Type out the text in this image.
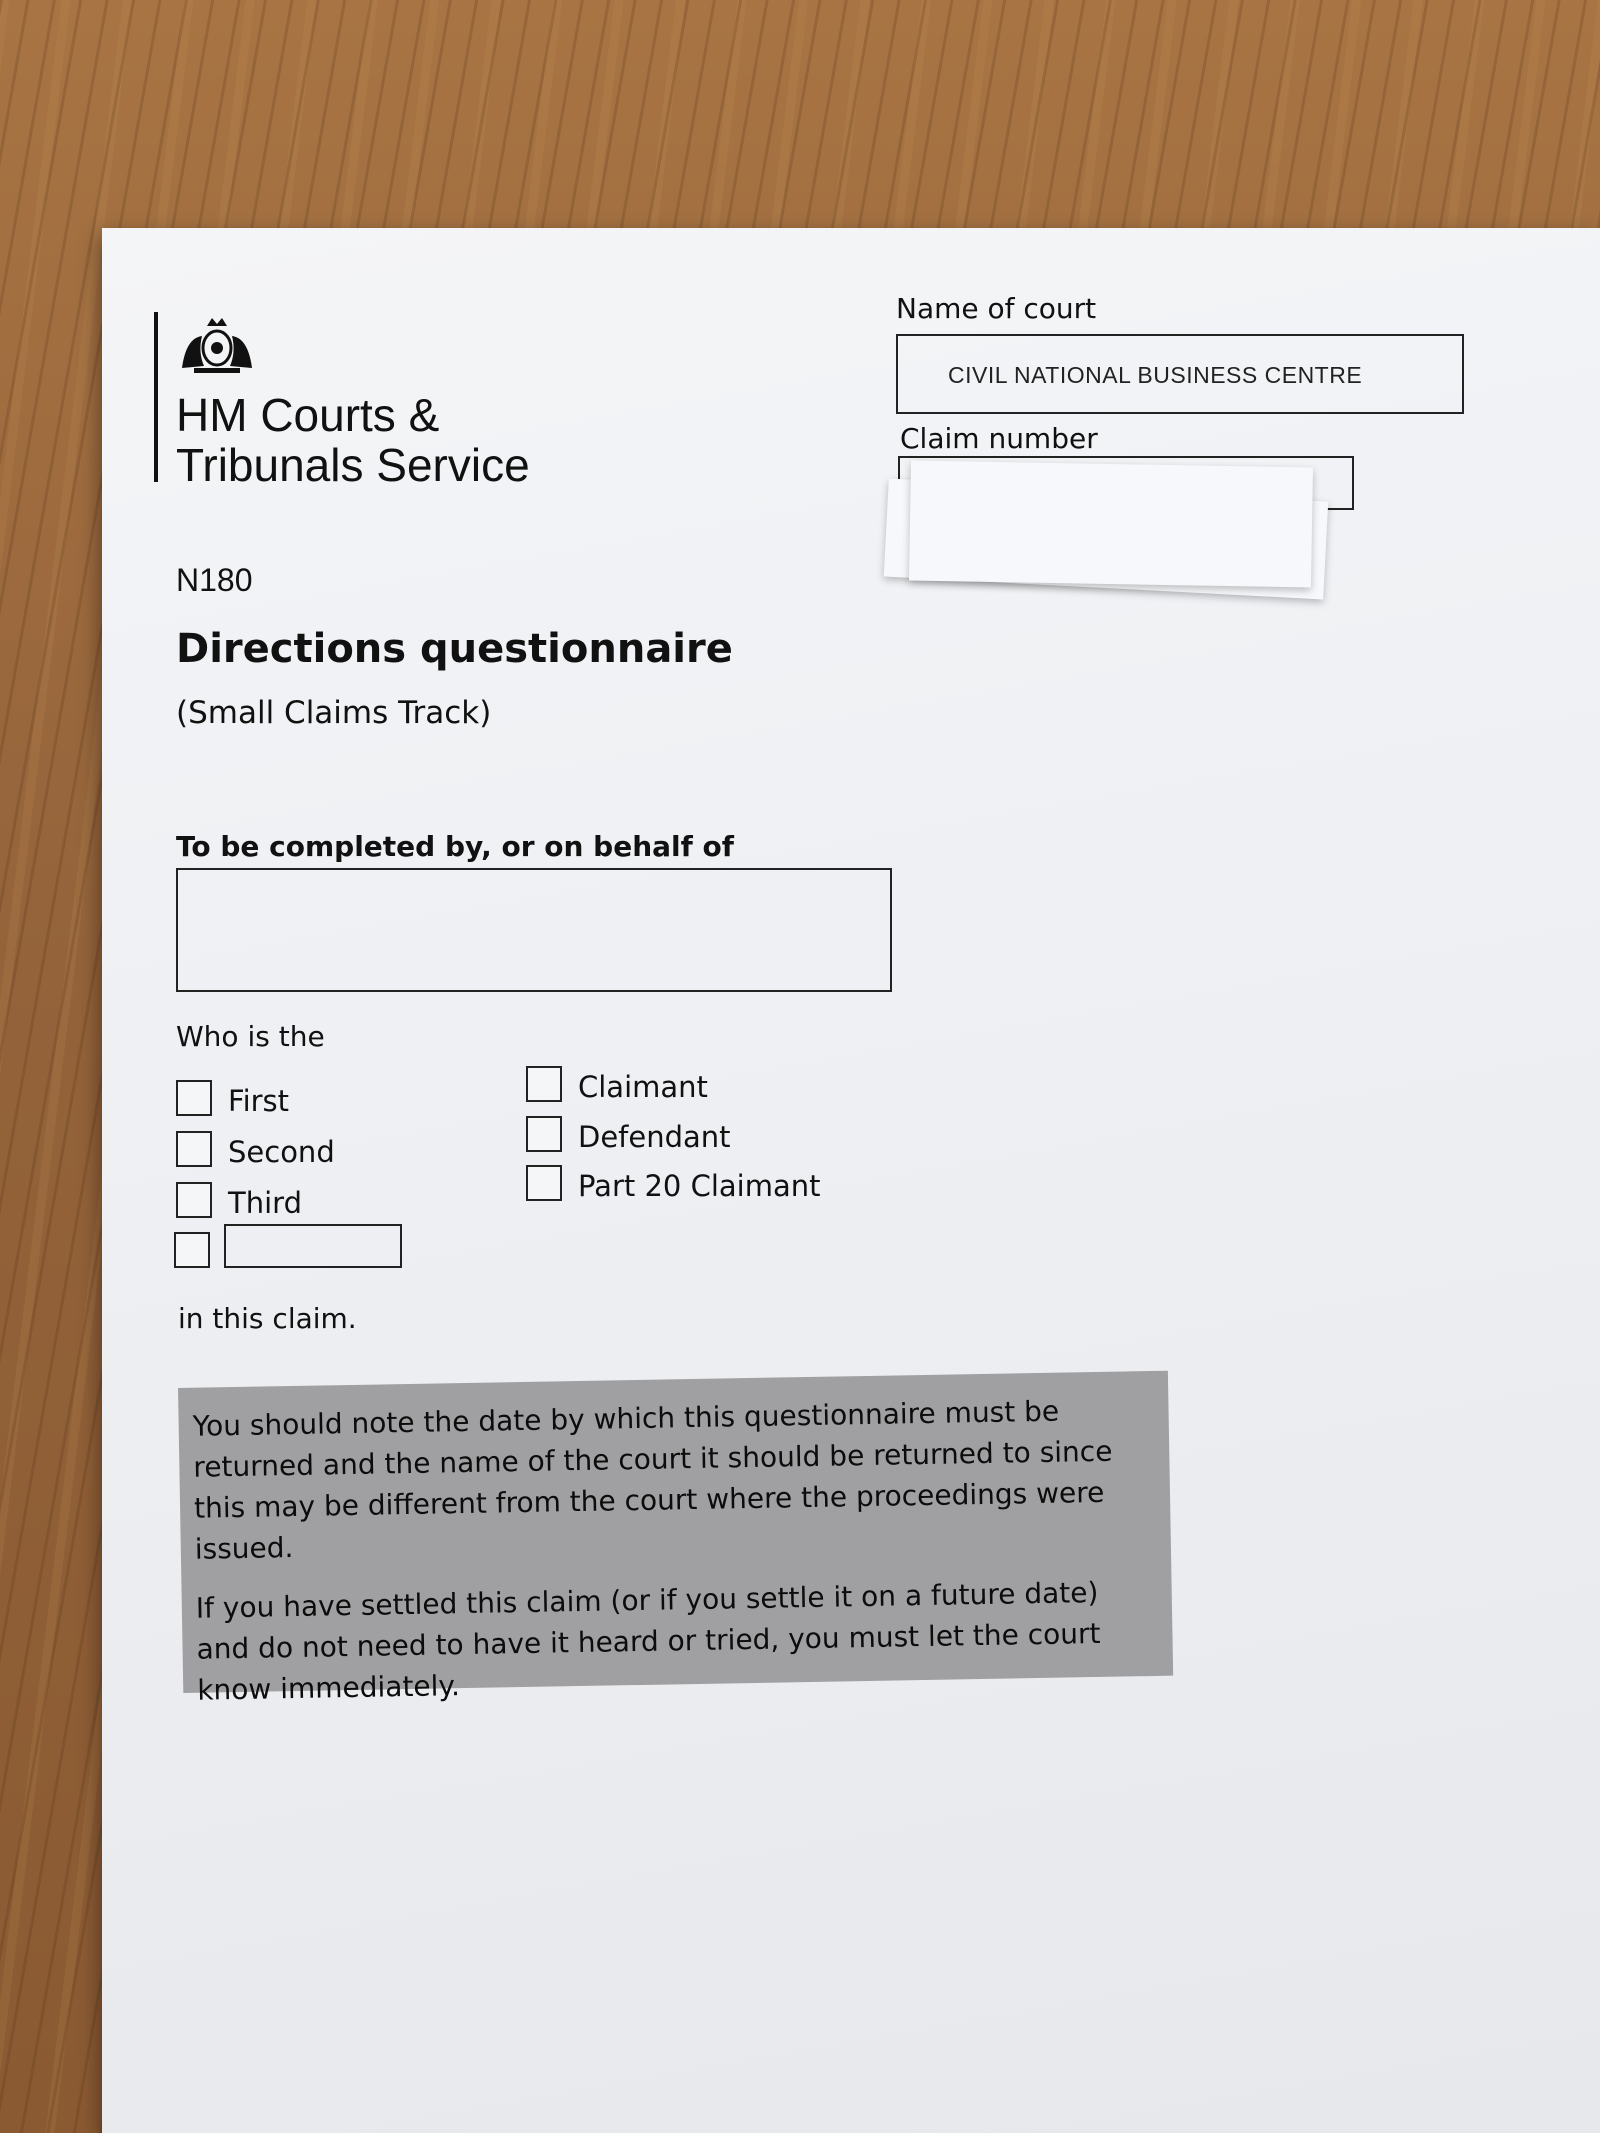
HM Courts &
Tribunals Service
N180
Directions questionnaire
(Small Claims Track)
Name of court
CIVIL NATIONAL BUSINESS CENTRE
Claim number
To be completed by, or on behalf of
Who is the
First
Second
Third
Claimant
Defendant
Part 20 Claimant
in this claim.

You should note the date by which this questionnaire must be returned and the name of the court it should be returned to since this may be different from the court where the proceedings were issued.

If you have settled this claim (or if you settle it on a future date) and do not need to have it heard or tried, you must let the court know immediately.
